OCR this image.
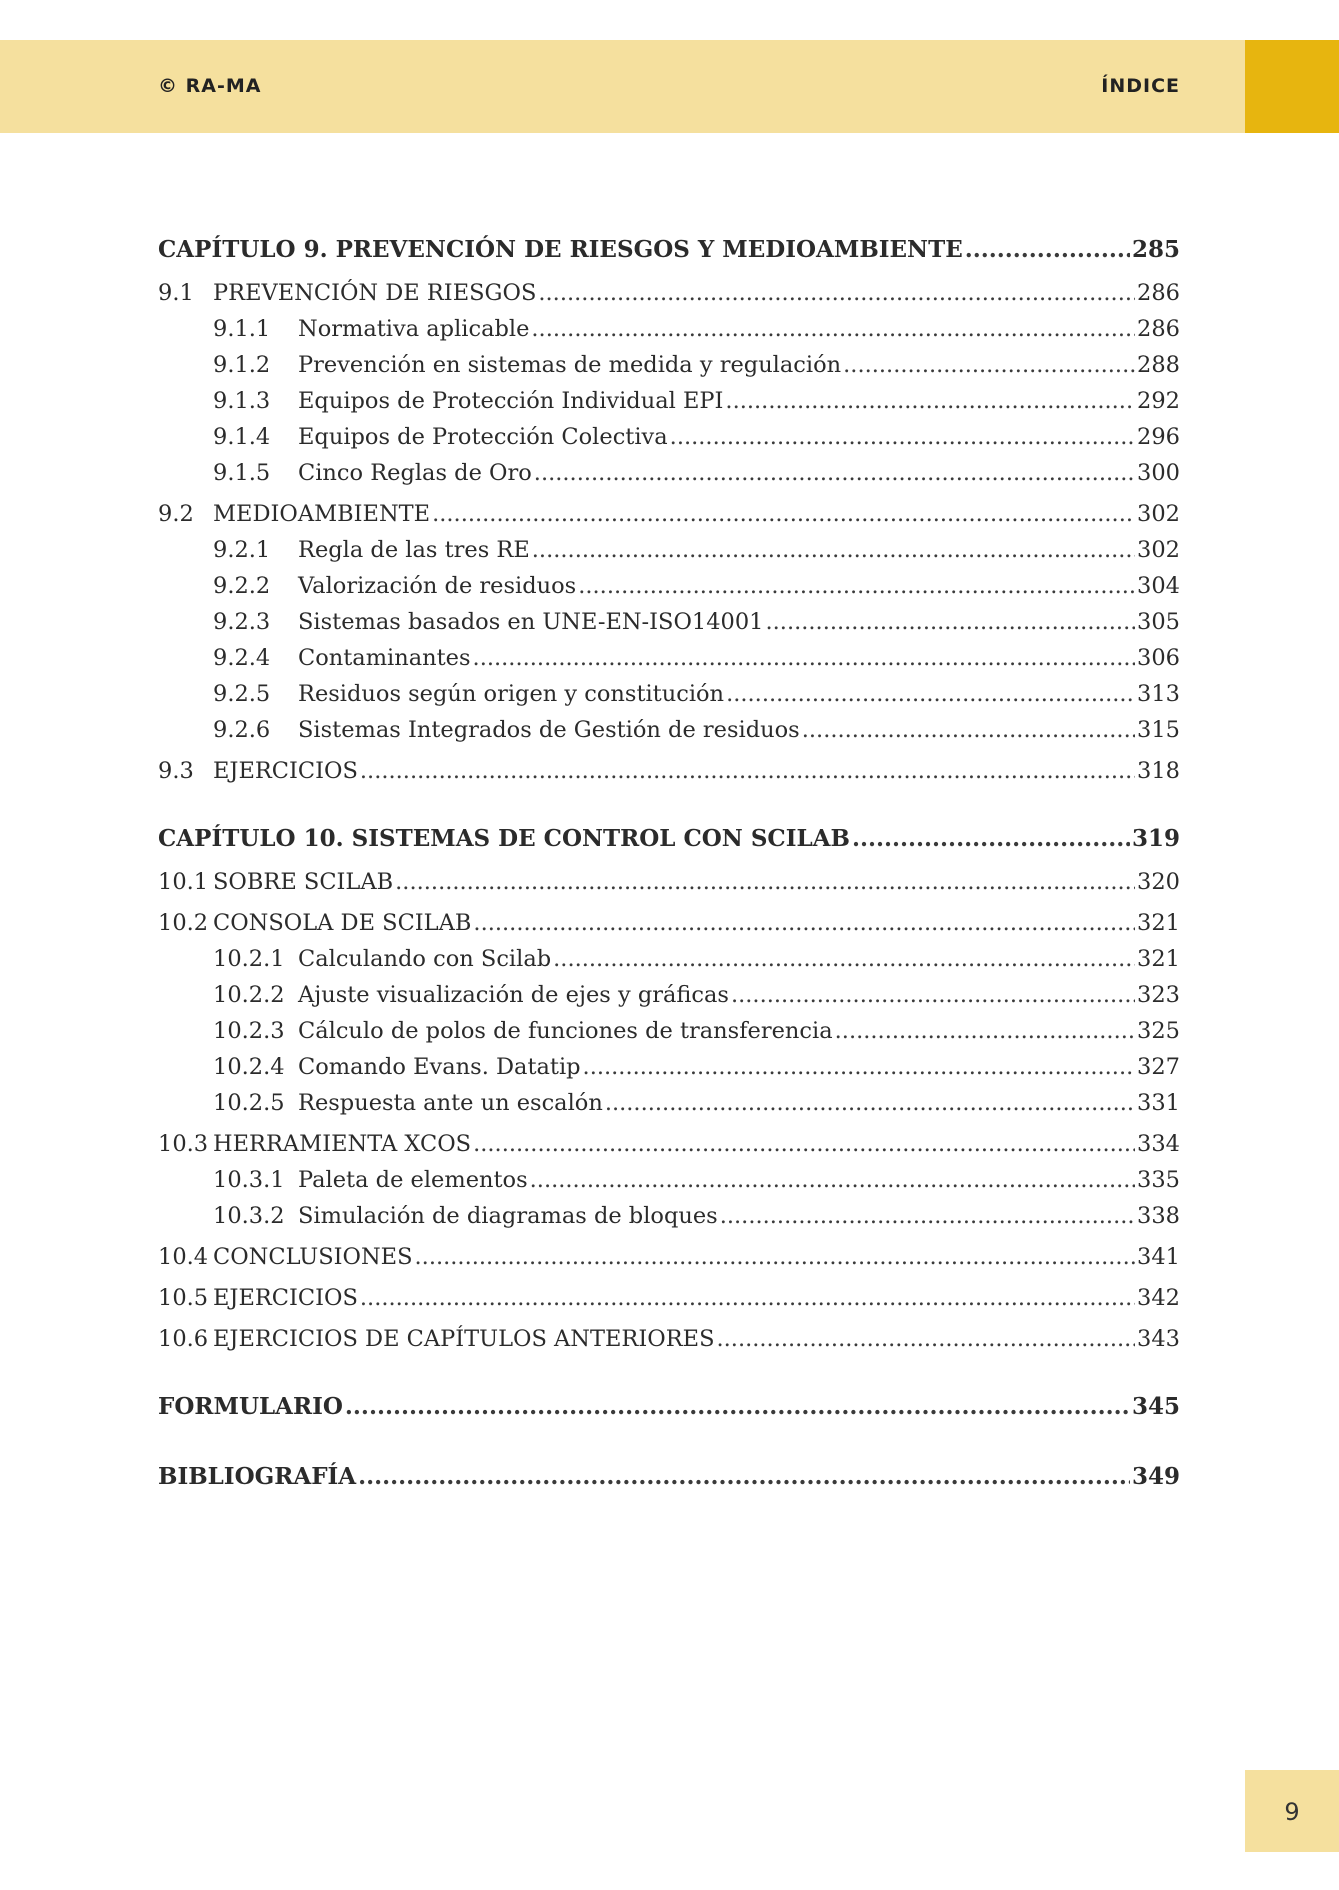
© RA-MA	ÍNDICE
CAPÍTULO 9. PREVENCIÓN DE RIESGOS Y MEDIOAMBIENTE .....	285
9.1 PREVENCIÓN DE RIESGOS .....	286
9.1.1	Normativa aplicable .....	286
9.1.2	Prevención en sistemas de medida y regulación .....	288
9.1.3	Equipos de Protección Individual EPI .....	292
9.1.4	Equipos de Protección Colectiva .....	296
9.1.5	Cinco Reglas de Oro .....	300
9.2 MEDIOAMBIENTE .....	302
9.2.1	Regla de las tres RE .....	302
9.2.2	Valorización de residuos .....	304
9.2.3	Sistemas basados en UNE-EN-ISO14001 .....	305
9.2.4	Contaminantes .....	306
9.2.5	Residuos según origen y constitución .....	313
9.2.6	Sistemas Integrados de Gestión de residuos .....	315
9.3 EJERCICIOS .....	318
CAPÍTULO 10. SISTEMAS DE CONTROL CON SCILAB .....	319
10.1 SOBRE SCILAB .....	320
10.2 CONSOLA DE SCILAB .....	321
10.2.1 Calculando con Scilab .....	321
10.2.2 Ajuste visualización de ejes y gráficas .....	323
10.2.3 Cálculo de polos de funciones de transferencia .....	325
10.2.4 Comando Evans. Datatip .....	327
10.2.5 Respuesta ante un escalón .....	331
10.3 HERRAMIENTA XCOS .....	334
10.3.1 Paleta de elementos .....	335
10.3.2 Simulación de diagramas de bloques .....	338
10.4 CONCLUSIONES .....	341
10.5 EJERCICIOS .....	342
10.6 EJERCICIOS DE CAPÍTULOS ANTERIORES .....	343
FORMULARIO .....	345
BIBLIOGRAFÍA .....	349
9
